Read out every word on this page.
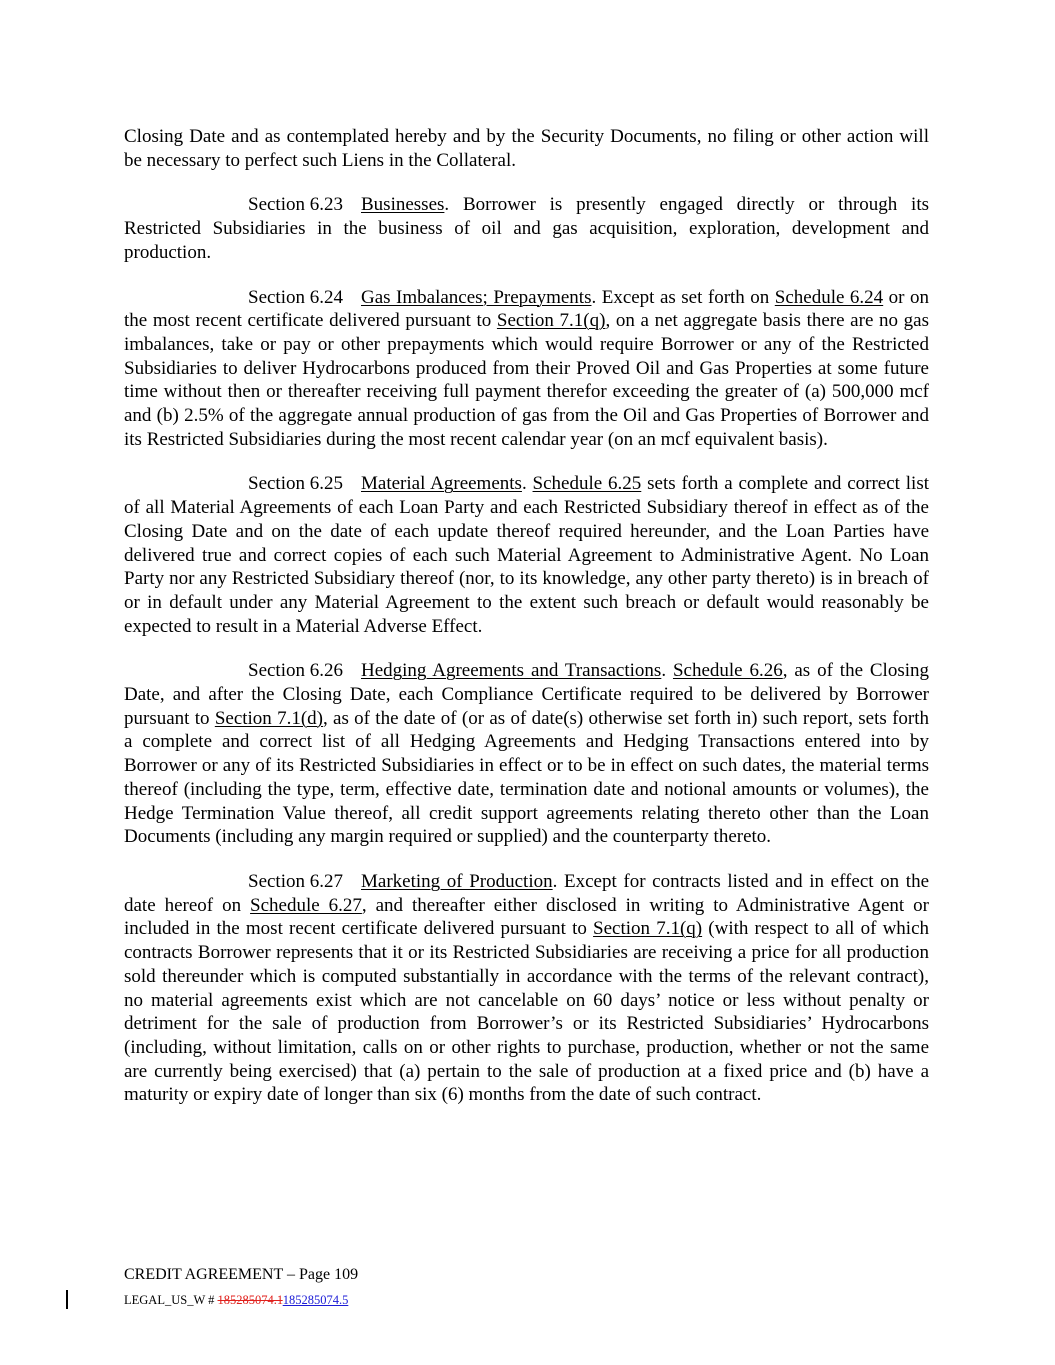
Closing Date and as contemplated hereby and by the Security Documents, no filing or other action will be necessary to perfect such Liens in the Collateral.

Section 6.23 Businesses. Borrower is presently engaged directly or through its Restricted Subsidiaries in the business of oil and gas acquisition, exploration, development and production.

Section 6.24 Gas Imbalances; Prepayments. Except as set forth on Schedule 6.24 or on the most recent certificate delivered pursuant to Section 7.1(q), on a net aggregate basis there are no gas imbalances, take or pay or other prepayments which would require Borrower or any of the Restricted Subsidiaries to deliver Hydrocarbons produced from their Proved Oil and Gas Properties at some future time without then or thereafter receiving full payment therefor exceeding the greater of (a) 500,000 mcf and (b) 2.5% of the aggregate annual production of gas from the Oil and Gas Properties of Borrower and its Restricted Subsidiaries during the most recent calendar year (on an mcf equivalent basis).

Section 6.25 Material Agreements. Schedule 6.25 sets forth a complete and correct list of all Material Agreements of each Loan Party and each Restricted Subsidiary thereof in effect as of the Closing Date and on the date of each update thereof required hereunder, and the Loan Parties have delivered true and correct copies of each such Material Agreement to Administrative Agent. No Loan Party nor any Restricted Subsidiary thereof (nor, to its knowledge, any other party thereto) is in breach of or in default under any Material Agreement to the extent such breach or default would reasonably be expected to result in a Material Adverse Effect.

Section 6.26 Hedging Agreements and Transactions. Schedule 6.26, as of the Closing Date, and after the Closing Date, each Compliance Certificate required to be delivered by Borrower pursuant to Section 7.1(d), as of the date of (or as of date(s) otherwise set forth in) such report, sets forth a complete and correct list of all Hedging Agreements and Hedging Transactions entered into by Borrower or any of its Restricted Subsidiaries in effect or to be in effect on such dates, the material terms thereof (including the type, term, effective date, termination date and notional amounts or volumes), the Hedge Termination Value thereof, all credit support agreements relating thereto other than the Loan Documents (including any margin required or supplied) and the counterparty thereto.

Section 6.27 Marketing of Production. Except for contracts listed and in effect on the date hereof on Schedule 6.27, and thereafter either disclosed in writing to Administrative Agent or included in the most recent certificate delivered pursuant to Section 7.1(q) (with respect to all of which contracts Borrower represents that it or its Restricted Subsidiaries are receiving a price for all production sold thereunder which is computed substantially in accordance with the terms of the relevant contract), no material agreements exist which are not cancelable on 60 days’ notice or less without penalty or detriment for the sale of production from Borrower’s or its Restricted Subsidiaries’ Hydrocarbons (including, without limitation, calls on or other rights to purchase, production, whether or not the same are currently being exercised) that (a) pertain to the sale of production at a fixed price and (b) have a maturity or expiry date of longer than six (6) months from the date of such contract.

CREDIT AGREEMENT – Page 109
LEGAL_US_W # 185285074.1185285074.5
